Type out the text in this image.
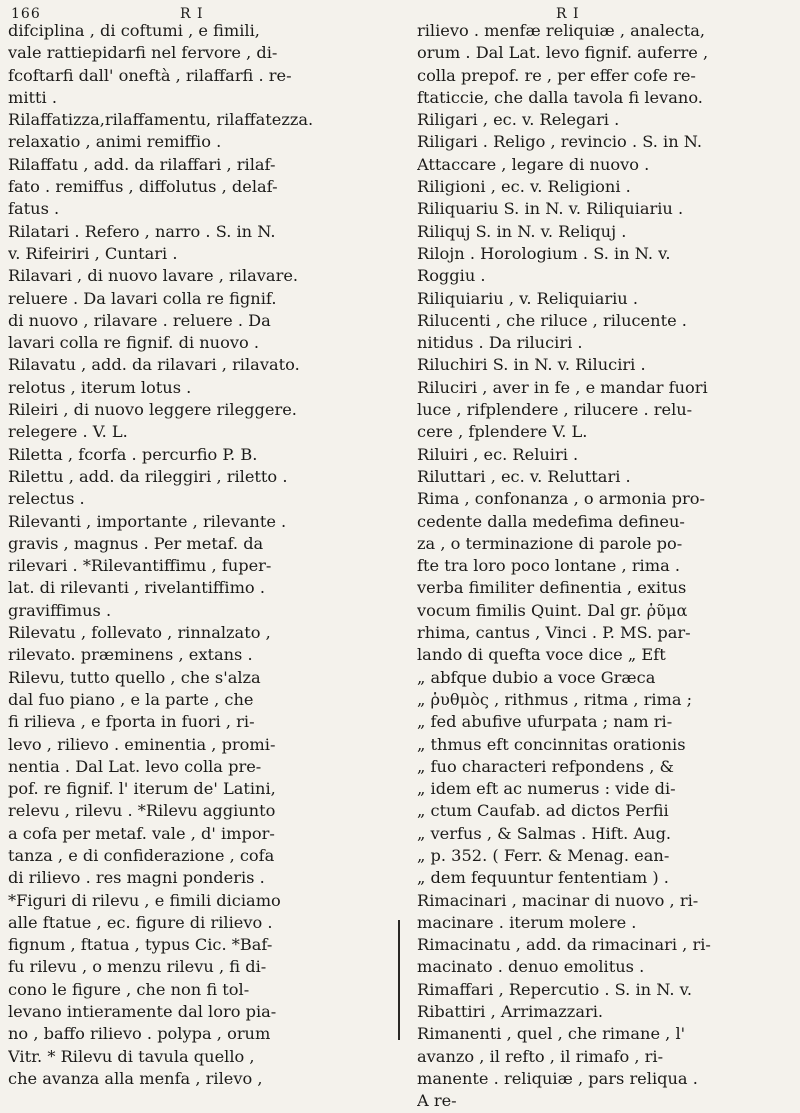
166	R I	R I
difciplina , di coftumi , e fimili,
vale rattiepidarfi nel fervore , di-
fcoftarfi dall' oneftà , rilaffarfi . re-
mitti .
Rilaffatizza,rilaffamentu, rilaffatezza.
relaxatio , animi remiffio .
Rilaffatu , add. da rilaffari , rilaf-
fato . remiffus , diffolutus , delaf-
fatus .
Rilatari . Refero , narro . S. in N.
v. Rifeiriri , Cuntari .
Rilavari , di nuovo lavare , rilavare.
reluere . Da lavari colla re fignif.
di nuovo , rilavare . reluere . Da
lavari colla re fignif. di nuovo .
Rilavatu , add. da rilavari , rilavato.
relotus , iterum lotus .
Rileiri , di nuovo leggere rileggere.
relegere . V. L.
Riletta , fcorfa . percurfio P. B.
Rilettu , add. da rileggiri , riletto .
relectus .
Rilevanti , importante , rilevante .
gravis , magnus . Per metaf. da
rilevari . *Rilevantiffimu , fuper-
lat. di rilevanti , rivelantiffimo .
graviffimus .
Rilevatu , follevato , rinnalzato ,
rilevato. præminens , extans .
Rilevu, tutto quello , che s'alza
dal fuo piano , e la parte , che
fi rilieva , e fporta in fuori , ri-
levo , rilievo . eminentia , promi-
nentia . Dal Lat. levo colla pre-
pof. re fignif. l' iterum de' Latini,
relevu , rilevu . *Rilevu aggiunto
a cofa per metaf. vale , d' impor-
tanza , e di confiderazione , cofa
di rilievo . res magni ponderis .
*Figuri di rilevu , e fimili diciamo
alle ftatue , ec. figure di rilievo .
fignum , ftatua , typus Cic. *Baf-
fu rilevu , o menzu rilevu , fi di-
cono le figure , che non fi tol-
levano intieramente dal loro pia-
no , baffo rilievo . polypa , orum
Vitr. * Rilevu di tavula quello ,
che avanza alla menfa , rilevo ,
rilievo . menfæ reliquiæ , analecta,
orum . Dal Lat. levo fignif. auferre ,
colla prepof. re , per effer cofe re-
ftaticcie, che dalla tavola fi levano.
Riligari , ec. v. Relegari .
Riligari . Religo , revincio . S. in N.
Attaccare , legare di nuovo .
Riligioni , ec. v. Religioni .
Riliquariu S. in N. v. Riliquiariu .
Riliquj S. in N. v. Reliquj .
Rilojn . Horologium . S. in N. v.
Roggiu .
Riliquiariu , v. Reliquiariu .
Rilucenti , che riluce , rilucente .
nitidus . Da riluciri .
Riluchiri S. in N. v. Riluciri .
Riluciri , aver in fe , e mandar fuori
luce , rifplendere , rilucere . relu-
cere , fplendere V. L.
Riluiri , ec. Reluiri .
Riluttari , ec. v. Reluttari .
Rima , confonanza , o armonia pro-
cedente dalla medefima defineu-
za , o terminazione di parole po-
fte tra loro poco lontane , rima .
verba fimiliter definentia , exitus
vocum fimilis Quint. Dal gr. ῥῦμα
rhima, cantus , Vinci . P. MS. par-
lando di quefta voce dice „ Eft
„ abfque dubio a voce Græca
„ ῥυθμὸς , rithmus , ritma , rima ;
„ fed abufive ufurpata ; nam ri-
„ thmus eft concinnitas orationis
„ fuo characteri refpondens , &
„ idem eft ac numerus : vide di-
„ ctum Caufab. ad dictos Perfii
„ verfus , & Salmas . Hift. Aug.
„ p. 352. ( Ferr. & Menag. ean-
„ dem fequuntur fententiam ) .
Rimacinari , macinar di nuovo , ri-
macinare . iterum molere .
Rimacinatu , add. da rimacinari , ri-
macinato . denuo emolitus .
Rimaffari , Repercutio . S. in N. v.
Ribattiri , Arrimazzari.
Rimanenti , quel , che rimane , l'
avanzo , il refto , il rimafo , ri-
manente . reliquiæ , pars reliqua .
A re-
